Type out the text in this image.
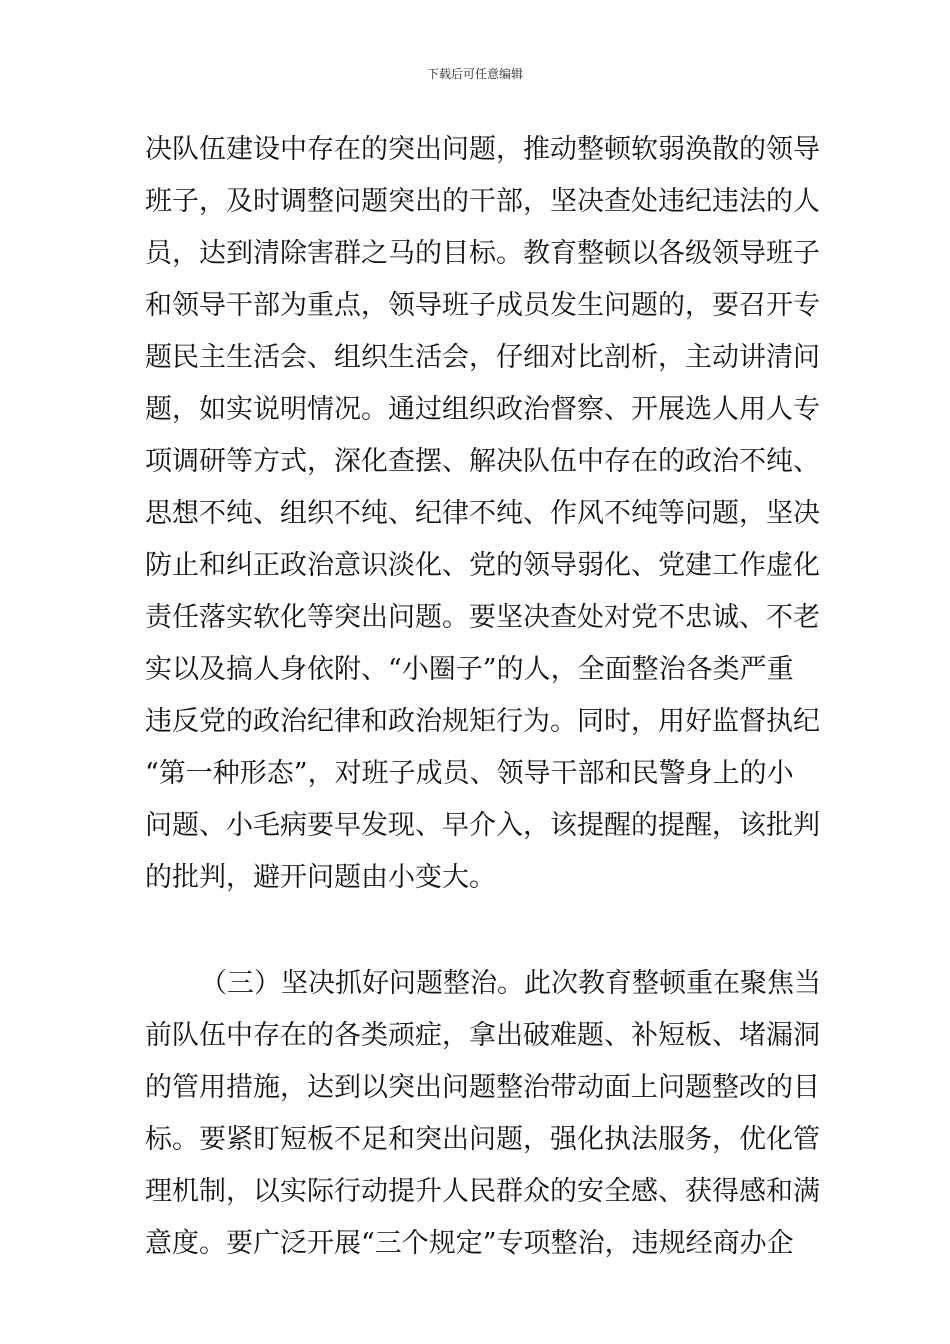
下载后可任意编辑
决队伍建设中存在的突出问题，推动整顿软弱涣散的领导
班子，及时调整问题突出的干部，坚决查处违纪违法的人
员，达到清除害群之马的目标。教育整顿以各级领导班子
和领导干部为重点，领导班子成员发生问题的，要召开专
题民主生活会、组织生活会，仔细对比剖析，主动讲清问
题，如实说明情况。通过组织政治督察、开展选人用人专
项调研等方式，深化查摆、解决队伍中存在的政治不纯、
思想不纯、组织不纯、纪律不纯、作风不纯等问题，坚决
防止和纠正政治意识淡化、党的领导弱化、党建工作虚化
责任落实软化等突出问题。要坚决查处对党不忠诚、不老
实以及搞人身依附、“小圈子”的人，全面整治各类严重
违反党的政治纪律和政治规矩行为。同时，用好监督执纪
“第一种形态”，对班子成员、领导干部和民警身上的小
问题、小毛病要早发现、早介入，该提醒的提醒，该批判
的批判，避开问题由小变大。
（三）坚决抓好问题整治。此次教育整顿重在聚焦当
前队伍中存在的各类顽症，拿出破难题、补短板、堵漏洞
的管用措施，达到以突出问题整治带动面上问题整改的目
标。要紧盯短板不足和突出问题，强化执法服务，优化管
理机制，以实际行动提升人民群众的安全感、获得感和满
意度。要广泛开展“三个规定”专项整治，违规经商办企
